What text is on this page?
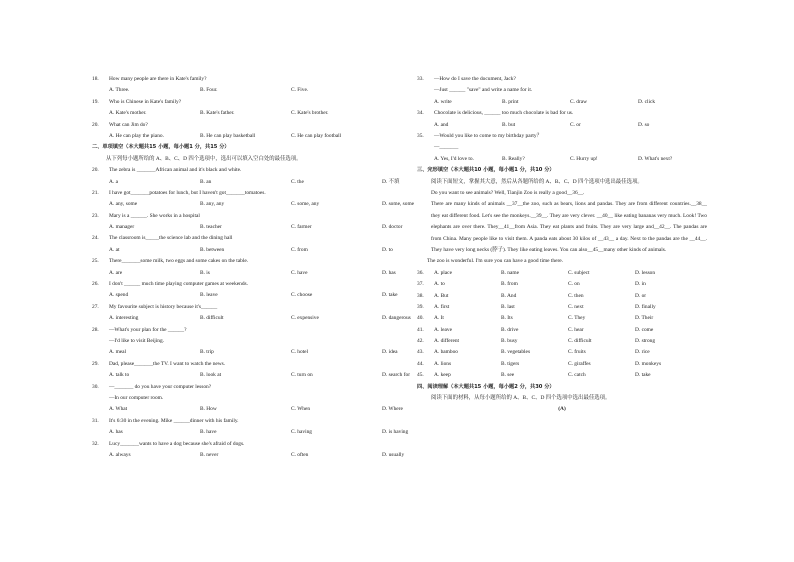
18.	How many people are there in Kate's family?
A. Three.	B. Four.	C. Five.
19.	Who is Chinese in Kate's family?
A. Kate's mother.	B. Kate's father.	C. Kate's brother.
20.	What can Jim do?
A. He can play the piano.	B. He can play basketball	C. He can play football
二、单项填空（本大题共15 小题，每小题1 分，共15 分）
从下列每小题所给的 A、B、C、D 四个选项中，选出可以填入空白处的最佳选项。
20.	The zebra is _______African animal and it's black and white.
A. a	B. an	C. the	D. 不填
21.	I have got_______potatoes for lunch, but I haven't got_______tomatoes.
A. any, some	B. any, any	C. some, any	D. some, some
23.	Mary is a ______. She works in a hospital
A. manager	B. teacher	C. farmer	D. doctor
24.	The classroom is_____the science lab and the dining hall
A. at	B. between	C. from	D. to
25.	There_______some milk, two eggs and some cakes on the table.
A. are	B. is	C. have	D. has
26.	I don't ______ much time playing computer games at weekends.
A. spend	B. leave	C. choose	D. take
27.	My favourite subject is history because it's______
A. interesting	B. difficult	C. expensive	D. dangerous
28.	—What's your plan for the ______?
—I'd like to visit Beijing.
A. meal	B. trip	C. hotel	D. idea
29.	Dad, please_______the TV. I want to watch the news.
A. talk to	B. look at	C. turn on	D. search for
30.	—_______ do you have your computer lesson?
—In our computer room.
A. What	B. How	C. When	D. Where
31.	It's 6:30 in the evening. Mike ______dinner with his family.
A. has	B. have	C. having	D. is having
32.	Lucy_______wants to have a dog because she's afraid of dogs.
A. always	B. never	C. often	D. usually
33.	—How do I save the document, Jack?
—Just ______ "save" and write a name for it.
A. write	B. print	C. draw	D. click
34.	Chocolate is delicious, ______ too much chocolate is bad for us.
A. and	B. but	C. or	D. so
35.	—Would you like to come to my birthday party？
—_______
A. Yes, I'd love to.	B. Really?	C. Hurry up!	D. What's next?
三、完形填空（本大题共10 小题，每小题1 分，共10 分）
阅读下面短文，掌握其大意，然后从各题所给的 A、B、C、D 四个选项中选出最佳选项。
Do you want to see animals? Well, Tianjin Zoo is really a good__36__.
There are many kinds of animals __37__the zoo, such as bears, lions and pandas. They are from different countries.__38__ they eat different food. Let's see the monkeys.__39__. They are very clever. __40__ like eating bananas very much. Look! Two elephants are over there. They__41__from Asia. They eat plants and fruits. They are very large and__42__. The pandas are from China. Many people like to visit them. A panda eats about 30 kilos of __43__ a day. Next to the pandas are the __44__. They have very long necks (脖子). They like eating leaves. You can also__45__many other kinds of animals.
The zoo is wonderful. I'm sure you can have a good time there.
36.	A. place	B. name	C. subject	D. lesson
37.	A. to	B. from	C. on	D. in
38.	A. But	B. And	C. then	D. or
39.	A. first	B. last	C. next	D. finally
40.	A. It	B. Its	C. They	D. Their
41.	A. leave	B. drive	C. hear	D. come
42.	A. different	B. busy	C. difficult	D. strong
43.	A. bamboo	B. vegetables	C. fruits	D. rice
44.	A. lions	B. tigers	C. giraffes	D. monkeys
45.	A. keep	B. see	C. catch	D. take
四、阅读理解（本大题共15 小题，每小题2 分，共30 分）
阅读下面的材料，从每小题所给的 A、B、C、D 四个选项中选出最佳选项。
(A)
